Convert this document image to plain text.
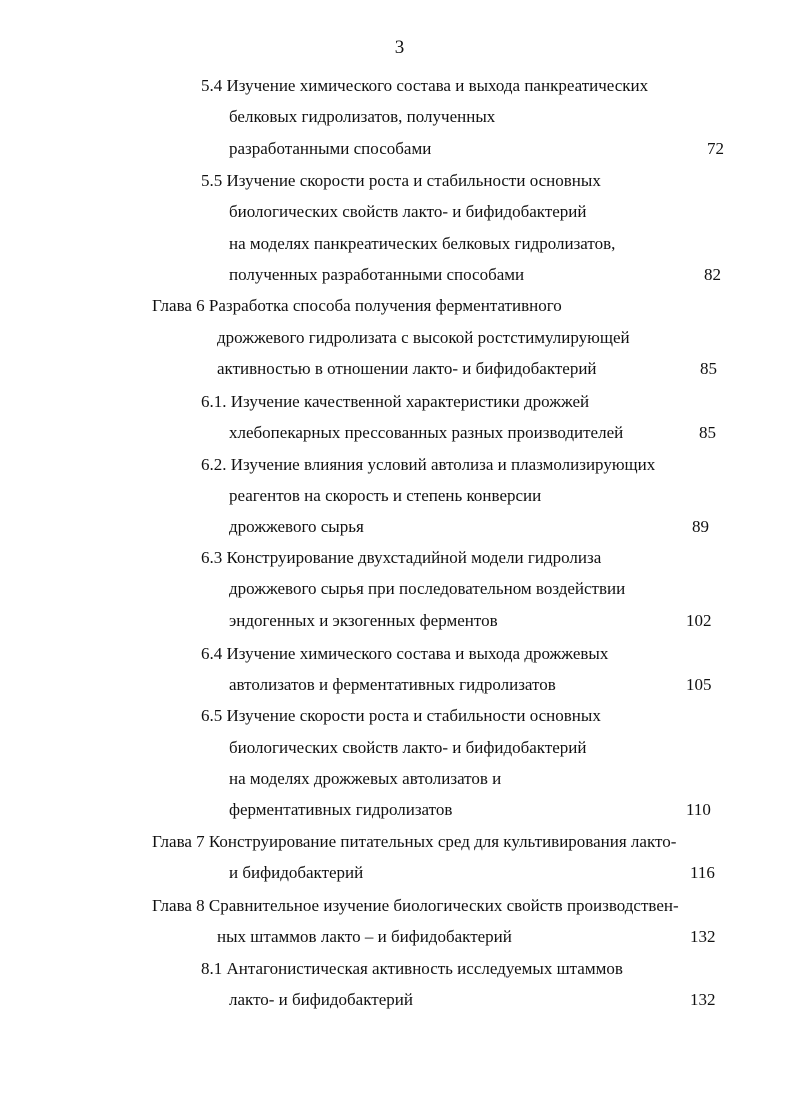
3
5.4 Изучение химического состава и выхода панкреатических
белковых гидролизатов, полученных
разработанными способами	72
5.5 Изучение скорости роста и стабильности основных
биологических свойств лакто- и бифидобактерий
на моделях панкреатических белковых гидролизатов,
полученных разработанными способами	82
Глава 6 Разработка способа получения ферментативного
дрожжевого гидролизата с высокой ростстимулирующей
активностью в отношении лакто- и бифидобактерий	85
6.1. Изучение качественной характеристики дрожжей
хлебопекарных прессованных разных производителей	85
6.2. Изучение влияния условий автолиза и плазмолизирующих
реагентов на скорость и степень конверсии
дрожжевого сырья	89
6.3 Конструирование двухстадийной модели гидролиза
дрожжевого сырья при последовательном воздействии
эндогенных и экзогенных ферментов	102
6.4 Изучение химического состава и выхода дрожжевых
автолизатов и ферментативных гидролизатов	105
6.5 Изучение скорости роста и стабильности основных
биологических свойств лакто- и бифидобактерий
на моделях дрожжевых автолизатов и
ферментативных гидролизатов	110
Глава 7 Конструирование питательных сред для культивирования лакто-
и бифидобактерий	116
Глава 8 Сравнительное изучение биологических свойств производствен-
ных штаммов лакто – и бифидобактерий	132
8.1 Антагонистическая активность исследуемых штаммов
лакто- и бифидобактерий	132
